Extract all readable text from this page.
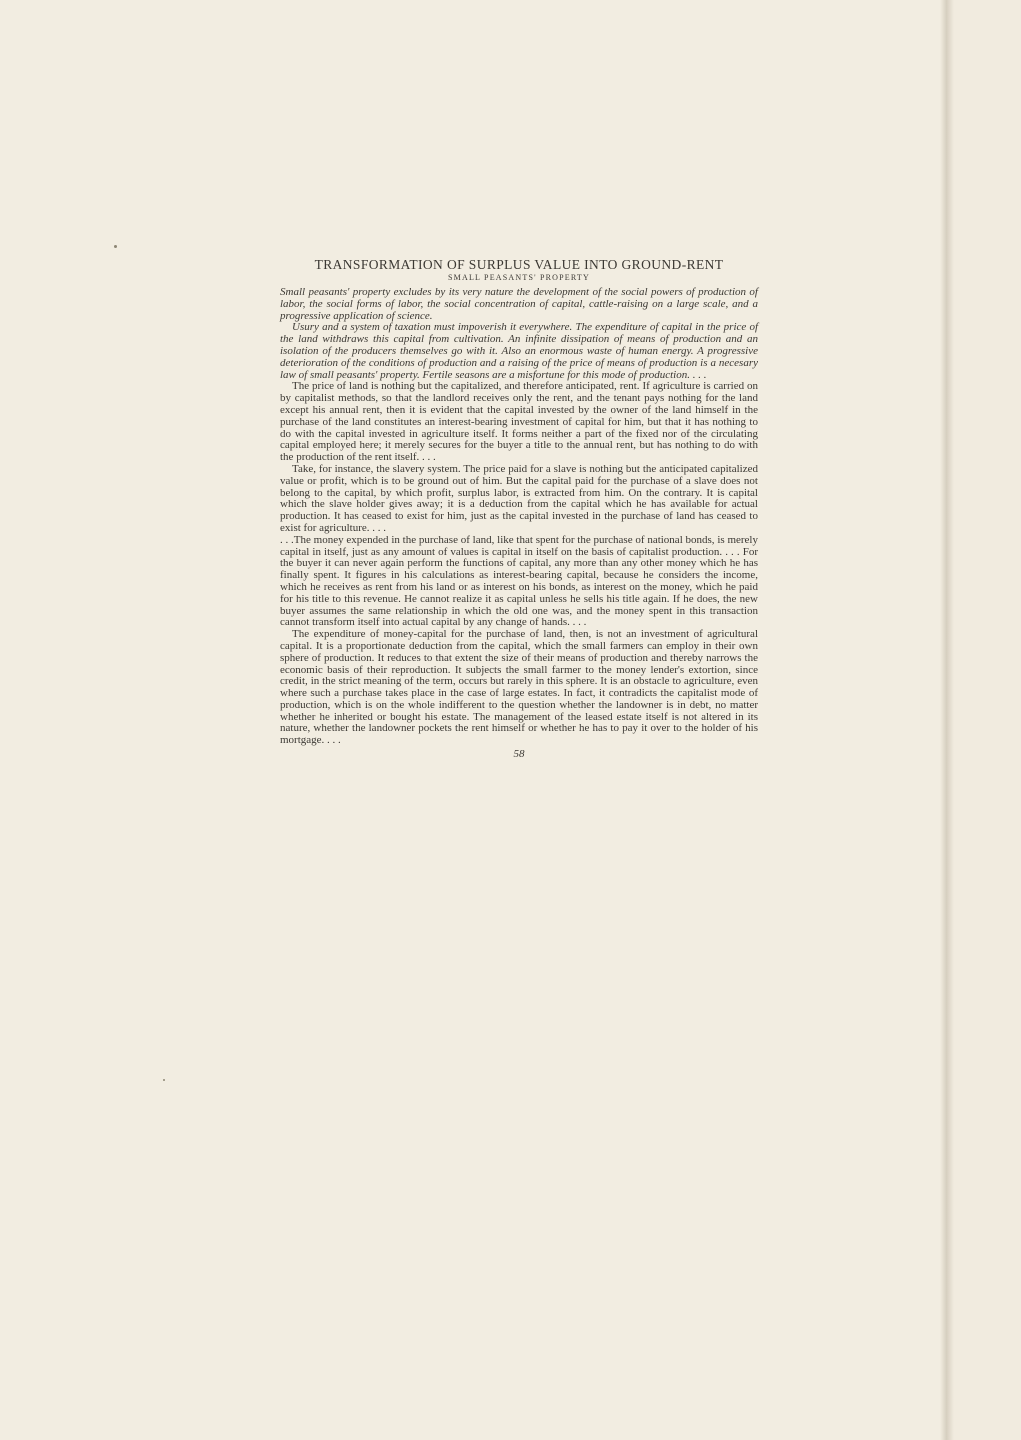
TRANSFORMATION OF SURPLUS VALUE INTO GROUND-RENT
SMALL PEASANTS' PROPERTY

Small peasants' property excludes by its very nature the development of the social powers of production of labor, the social forms of labor, the social concentration of capital, cattle-raising on a large scale, and a progressive application of science.

Usury and a system of taxation must impoverish it everywhere. The expenditure of capital in the price of the land withdraws this capital from cultivation. An infinite dissipation of means of production and an isolation of the producers themselves go with it. Also an enormous waste of human energy. A progressive deterioration of the conditions of production and a raising of the price of means of production is a necesary law of small peasants' property. Fertile seasons are a misfortune for this mode of production. . . .

The price of land is nothing but the capitalized, and therefore anticipated, rent. If agriculture is carried on by capitalist methods, so that the landlord receives only the rent, and the tenant pays nothing for the land except his annual rent, then it is evident that the capital invested by the owner of the land himself in the purchase of the land constitutes an interest-bearing investment of capital for him, but that it has nothing to do with the capital invested in agriculture itself. It forms neither a part of the fixed nor of the circulating capital employed here; it merely secures for the buyer a title to the annual rent, but has nothing to do with the production of the rent itself. . . .

Take, for instance, the slavery system. The price paid for a slave is nothing but the anticipated capitalized value or profit, which is to be ground out of him. But the capital paid for the purchase of a slave does not belong to the capital, by which profit, surplus labor, is extracted from him. On the contrary. It is capital which the slave holder gives away; it is a deduction from the capital which he has available for actual production. It has ceased to exist for him, just as the capital invested in the purchase of land has ceased to exist for agriculture. . . .

. . .The money expended in the purchase of land, like that spent for the purchase of national bonds, is merely capital in itself, just as any amount of values is capital in itself on the basis of capitalist production. . . . For the buyer it can never again perform the functions of capital, any more than any other money which he has finally spent. It figures in his calculations as interest-bearing capital, because he considers the income, which he receives as rent from his land or as interest on his bonds, as interest on the money, which he paid for his title to this revenue. He cannot realize it as capital unless he sells his title again. If he does, the new buyer assumes the same relationship in which the old one was, and the money spent in this transaction cannot transform itself into actual capital by any change of hands. . . .

The expenditure of money-capital for the purchase of land, then, is not an investment of agricultural capital. It is a proportionate deduction from the capital, which the small farmers can employ in their own sphere of production. It reduces to that extent the size of their means of production and thereby narrows the economic basis of their reproduction. It subjects the small farmer to the money lender's extortion, since credit, in the strict meaning of the term, occurs but rarely in this sphere. It is an obstacle to agriculture, even where such a purchase takes place in the case of large estates. In fact, it contradicts the capitalist mode of production, which is on the whole indifferent to the question whether the landowner is in debt, no matter whether he inherited or bought his estate. The management of the leased estate itself is not altered in its nature, whether the landowner pockets the rent himself or whether he has to pay it over to the holder of his mortgage. . . .

58
